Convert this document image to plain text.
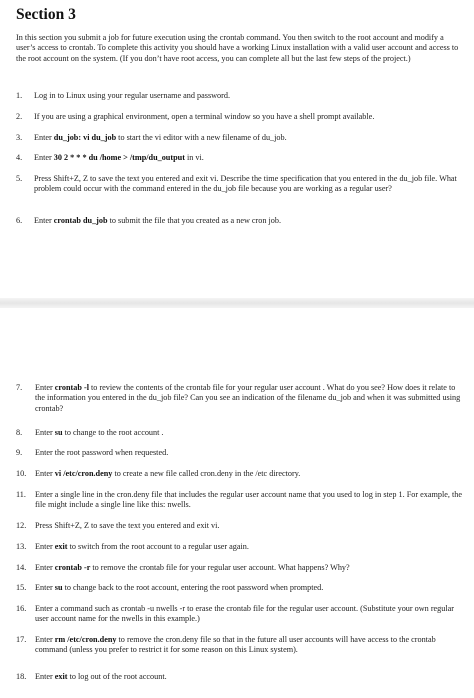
Section 3

In this section you submit a job for future execution using the crontab command. You then switch to the root account and modify a user’s access to crontab. To complete this activity you should have a working Linux installation with a valid user account and access to the root account on the system. (If you don’t have root access, you can complete all but the last few steps of the project.)

1.	Log in to Linux using your regular username and password.
2.	If you are using a graphical environment, open a terminal window so you have a shell prompt available.
3.	Enter du_job: vi du_job to start the vi editor with a new filename of du_job.
4.	Enter 30 2 * * * du /home > /tmp/du_output in vi.
5.	Press Shift+Z, Z to save the text you entered and exit vi. Describe the time specification that you entered in the du_job file. What problem could occur with the command entered in the du_job file because you are working as a regular user?
6.	Enter crontab du_job to submit the file that you created as a new cron job.
7.	Enter crontab -l to review the contents of the crontab file for your regular user account . What do you see? How does it relate to the information you entered in the du_job file? Can you see an indication of the filename du_job and when it was submitted using crontab?
8.	Enter su to change to the root account .
9.	Enter the root password when requested.
10.	Enter vi /etc/cron.deny to create a new file called cron.deny in the /etc directory.
11.	Enter a single line in the cron.deny file that includes the regular user account name that you used to log in step 1. For example, the file might include a single line like this: nwells.
12.	Press Shift+Z, Z to save the text you entered and exit vi.
13.	Enter exit to switch from the root account to a regular user again.
14.	Enter crontab -r to remove the crontab file for your regular user account. What happens? Why?
15.	Enter su to change back to the root account, entering the root password when prompted.
16.	Enter a command such as crontab -u nwells -r to erase the crontab file for the regular user account. (Substitute your own regular user account name for the nwells in this example.)
17.	Enter rm /etc/cron.deny to remove the cron.deny file so that in the future all user accounts will have access to the crontab command (unless you prefer to restrict it for some reason on this Linux system).
18.	Enter exit to log out of the root account.
